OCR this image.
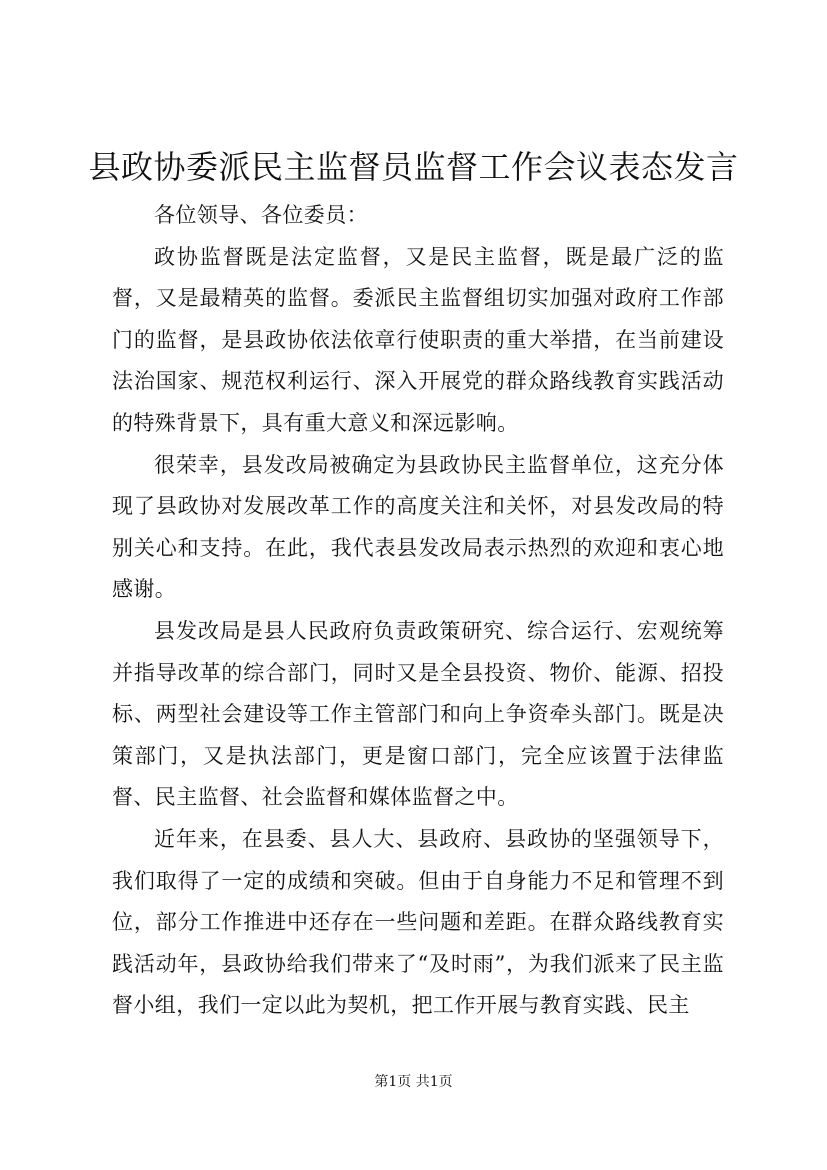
县政协委派民主监督员监督工作会议表态发言

各位领导、各位委员：

政协监督既是法定监督，又是民主监督，既是最广泛的监督，又是最精英的监督。委派民主监督组切实加强对政府工作部门的监督，是县政协依法依章行使职责的重大举措，在当前建设法治国家、规范权利运行、深入开展党的群众路线教育实践活动的特殊背景下，具有重大意义和深远影响。

很荣幸，县发改局被确定为县政协民主监督单位，这充分体现了县政协对发展改革工作的高度关注和关怀，对县发改局的特别关心和支持。在此，我代表县发改局表示热烈的欢迎和衷心地感谢。

县发改局是县人民政府负责政策研究、综合运行、宏观统筹并指导改革的综合部门，同时又是全县投资、物价、能源、招投标、两型社会建设等工作主管部门和向上争资牵头部门。既是决策部门，又是执法部门，更是窗口部门，完全应该置于法律监督、民主监督、社会监督和媒体监督之中。

近年来，在县委、县人大、县政府、县政协的坚强领导下，我们取得了一定的成绩和突破。但由于自身能力不足和管理不到位，部分工作推进中还存在一些问题和差距。在群众路线教育实践活动年，县政协给我们带来了“及时雨”，为我们派来了民主监督小组，我们一定以此为契机，把工作开展与教育实践、民主

第1页 共1页
